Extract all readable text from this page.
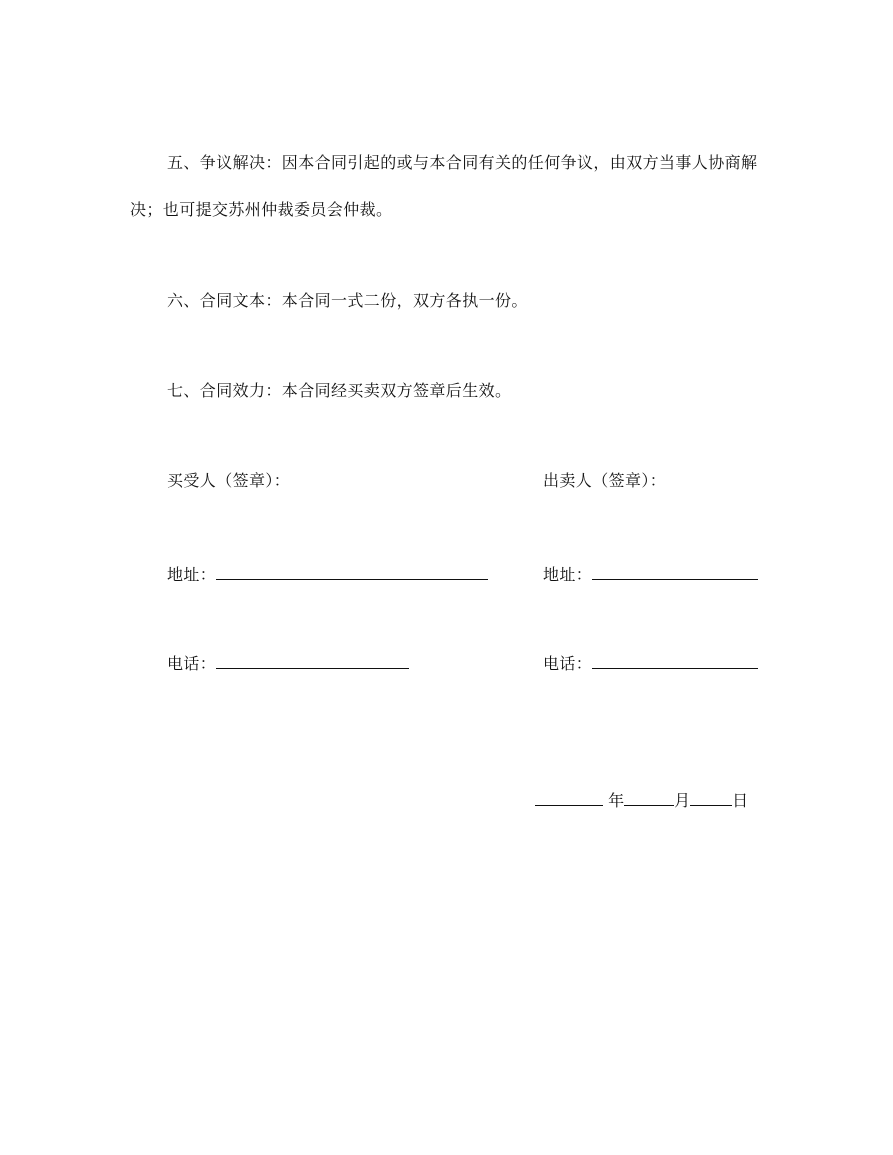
五、争议解决：因本合同引起的或与本合同有关的任何争议，由双方当事人协商解决；也可提交苏州仲裁委员会仲裁。

六、合同文本：本合同一式二份，双方各执一份。

七、合同效力：本合同经买卖双方签章后生效。

买受人（签章）：	出卖人（签章）：
地址：	地址：
电话：	电话：
年	月	日
